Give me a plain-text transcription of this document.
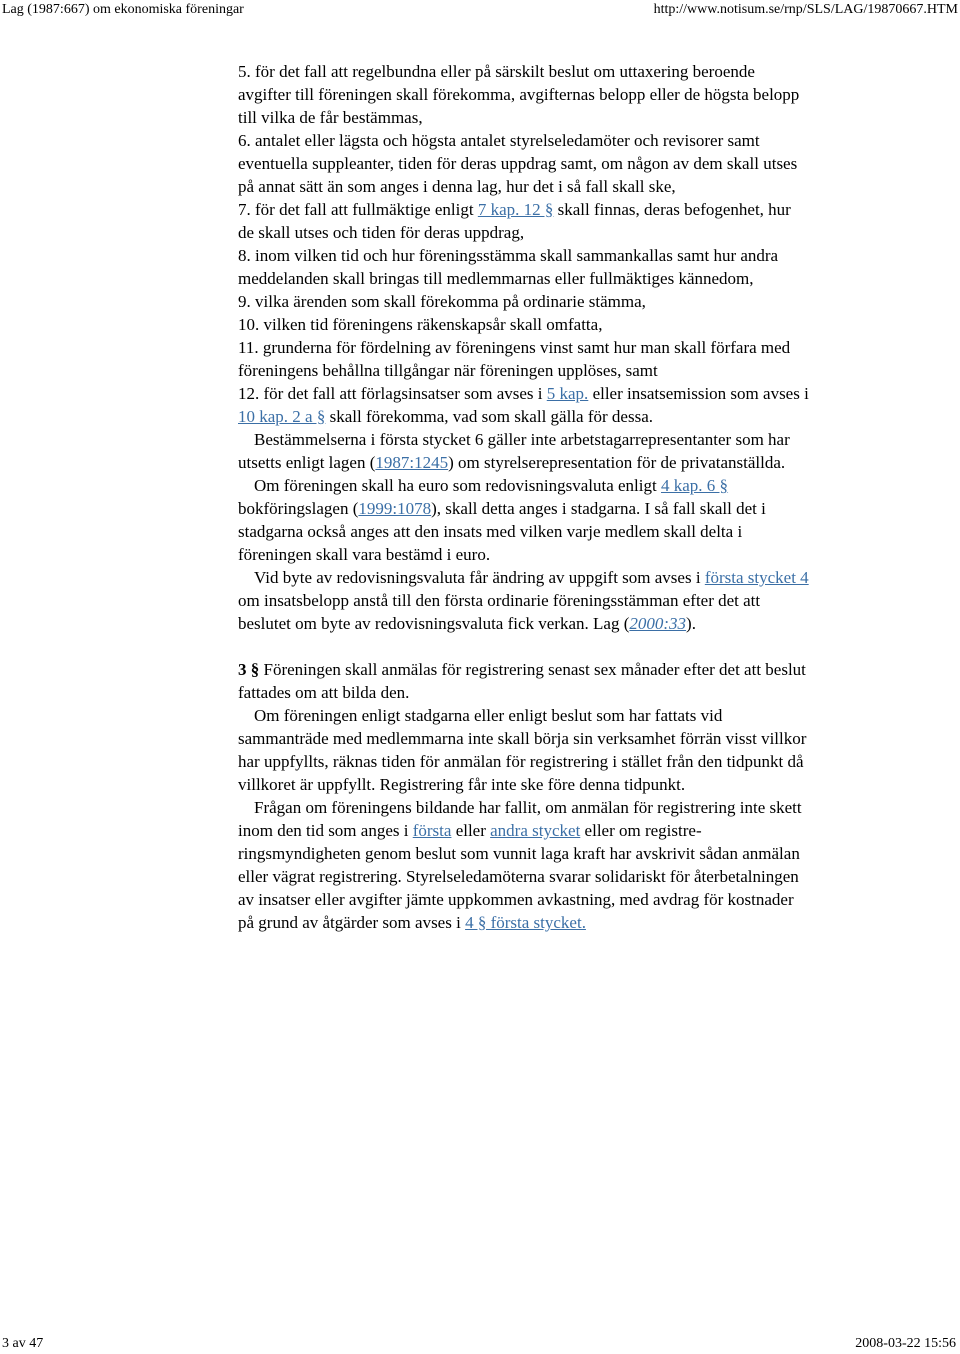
Lag (1987:667) om ekonomiska föreningar	http://www.notisum.se/rnp/SLS/LAG/19870667.HTM
5. för det fall att regelbundna eller på särskilt beslut om uttaxering beroende
avgifter till föreningen skall förekomma, avgifternas belopp eller de högsta belopp
till vilka de får bestämmas,
6. antalet eller lägsta och högsta antalet styrelseledamöter och revisorer samt
eventuella suppleanter, tiden för deras uppdrag samt, om någon av dem skall utses
på annat sätt än som anges i denna lag, hur det i så fall skall ske,
7. för det fall att fullmäktige enligt 7 kap. 12 § skall finnas, deras befogenhet, hur
de skall utses och tiden för deras uppdrag,
8. inom vilken tid och hur föreningsstämma skall sammankallas samt hur andra
meddelanden skall bringas till medlemmarnas eller fullmäktiges kännedom,
9. vilka ärenden som skall förekomma på ordinarie stämma,
10. vilken tid föreningens räkenskapsår skall omfatta,
11. grunderna för fördelning av föreningens vinst samt hur man skall förfara med
föreningens behållna tillgångar när föreningen upplöses, samt
12. för det fall att förlagsinsatser som avses i 5 kap. eller insatsemission som avses i
10 kap. 2 a § skall förekomma, vad som skall gälla för dessa.
Bestämmelserna i första stycket 6 gäller inte arbetstagarrepresentanter som har
utsetts enligt lagen (1987:1245) om styrelserepresentation för de privatanställda.
Om föreningen skall ha euro som redovisningsvaluta enligt 4 kap. 6 §
bokföringslagen (1999:1078), skall detta anges i stadgarna. I så fall skall det i
stadgarna också anges att den insats med vilken varje medlem skall delta i
föreningen skall vara bestämd i euro.
Vid byte av redovisningsvaluta får ändring av uppgift som avses i första stycket 4
om insatsbelopp anstå till den första ordinarie föreningsstämman efter det att
beslutet om byte av redovisningsvaluta fick verkan. Lag (2000:33).
3 § Föreningen skall anmälas för registrering senast sex månader efter det att beslut
fattades om att bilda den.
Om föreningen enligt stadgarna eller enligt beslut som har fattats vid
sammanträde med medlemmarna inte skall börja sin verksamhet förrän visst villkor
har uppfyllts, räknas tiden för anmälan för registrering i stället från den tidpunkt då
villkoret är uppfyllt. Registrering får inte ske före denna tidpunkt.
Frågan om föreningens bildande har fallit, om anmälan för registrering inte skett
inom den tid som anges i första eller andra stycket eller om registre-
ringsmyndigheten genom beslut som vunnit laga kraft har avskrivit sådan anmälan
eller vägrat registrering. Styrelseledamöterna svarar solidariskt för återbetalningen
av insatser eller avgifter jämte uppkommen avkastning, med avdrag för kostnader
på grund av åtgärder som avses i 4 § första stycket.
3 av 47	2008-03-22 15:56
